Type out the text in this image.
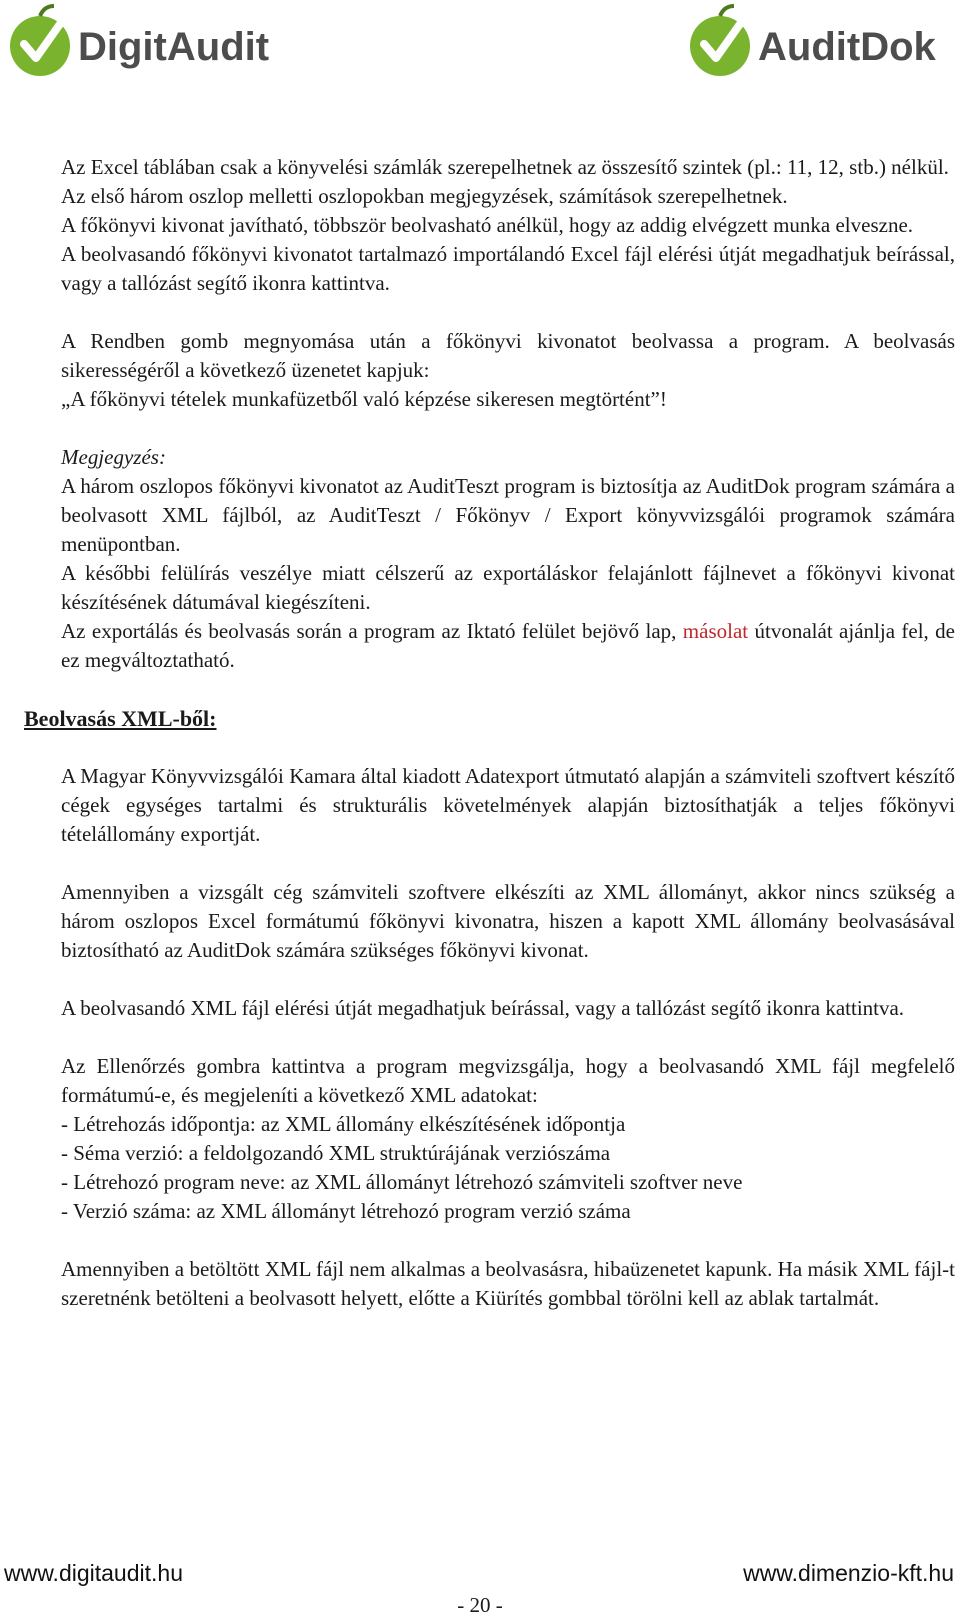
DigitAudit	AuditDok

Az Excel táblában csak a könyvelési számlák szerepelhetnek az összesítő szintek (pl.: 11, 12, stb.) nélkül.

Az első három oszlop melletti oszlopokban megjegyzések, számítások szerepelhetnek.

A főkönyvi kivonat javítható, többször beolvasható anélkül, hogy az addig elvégzett munka elveszne.

A beolvasandó főkönyvi kivonatot tartalmazó importálandó Excel fájl elérési útját megadhatjuk beírással, vagy a tallózást segítő ikonra kattintva.

A Rendben gomb megnyomása után a főkönyvi kivonatot beolvassa a program. A beolvasás sikerességéről a következő üzenetet kapjuk:

„A főkönyvi tételek munkafüzetből való képzése sikeresen megtörtént”!

Megjegyzés:

A három oszlopos főkönyvi kivonatot az AuditTeszt program is biztosítja az AuditDok program számára a beolvasott XML fájlból, az AuditTeszt / Főkönyv / Export könyvvizsgálói programok számára menüpontban.

A későbbi felülírás veszélye miatt célszerű az exportáláskor felajánlott fájlnevet a főkönyvi kivonat készítésének dátumával kiegészíteni.

Az exportálás és beolvasás során a program az Iktató felület bejövő lap, másolat útvonalát ajánlja fel, de ez megváltoztatható.

Beolvasás XML-ből:

A Magyar Könyvvizsgálói Kamara által kiadott Adatexport útmutató alapján a számviteli szoftvert készítő cégek egységes tartalmi és strukturális követelmények alapján biztosíthatják a teljes főkönyvi tételállomány exportját.

Amennyiben a vizsgált cég számviteli szoftvere elkészíti az XML állományt, akkor nincs szükség a három oszlopos Excel formátumú főkönyvi kivonatra, hiszen a kapott XML állomány beolvasásával biztosítható az AuditDok számára szükséges főkönyvi kivonat.

A beolvasandó XML fájl elérési útját megadhatjuk beírással, vagy a tallózást segítő ikonra kattintva.

Az Ellenőrzés gombra kattintva a program megvizsgálja, hogy a beolvasandó XML fájl megfelelő formátumú-e, és megjeleníti a következő XML adatokat:

- Létrehozás időpontja: az XML állomány elkészítésének időpontja

- Séma verzió: a feldolgozandó XML struktúrájának verziószáma

- Létrehozó program neve: az XML állományt létrehozó számviteli szoftver neve

- Verzió száma: az XML állományt létrehozó program verzió száma

Amennyiben a betöltött XML fájl nem alkalmas a beolvasásra, hibaüzenetet kapunk. Ha másik XML fájl-t szeretnénk betölteni a beolvasott helyett, előtte a Kiürítés gombbal törölni kell az ablak tartalmát.

www.digitaudit.hu	www.dimenzio-kft.hu
- 20 -
